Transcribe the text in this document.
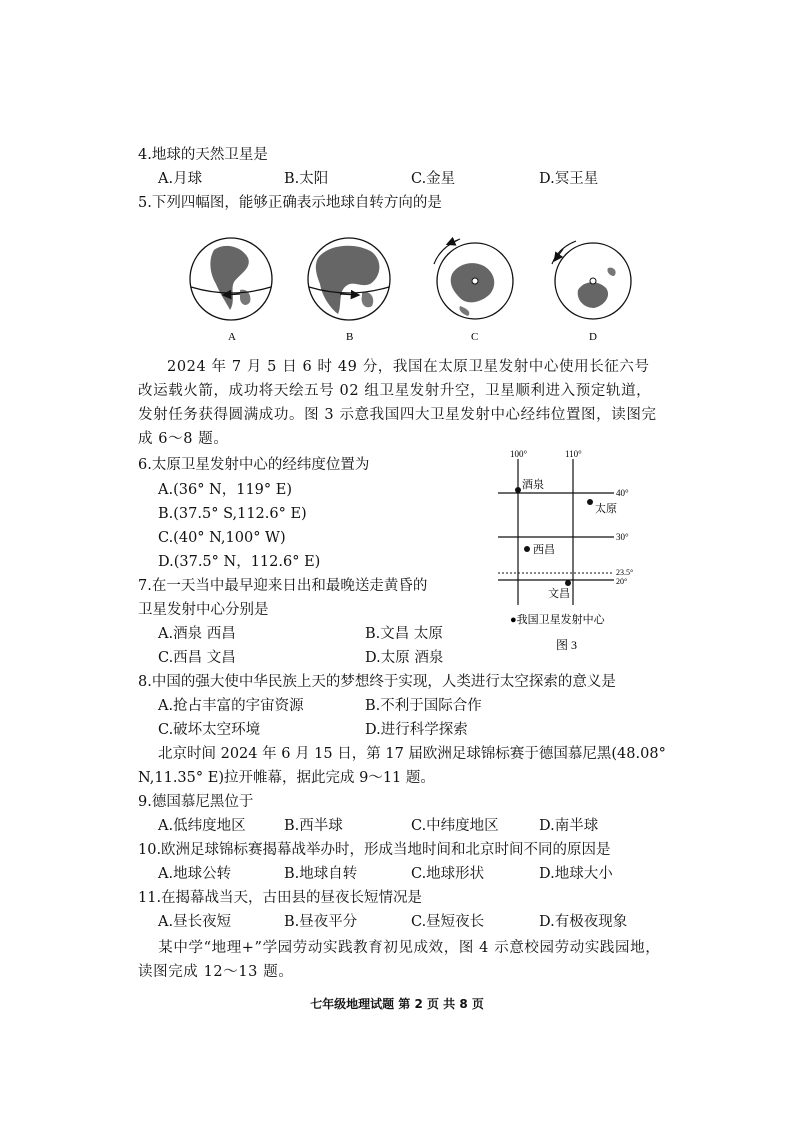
4.地球的天然卫星是
A.月球	B.太阳	C.金星	D.冥王星
5.下列四幅图，能够正确表示地球自转方向的是
A	B	C	D
2024 年 7 月 5 日 6 时 49 分，我国在太原卫星发射中心使用长征六号改运载火箭，成功将天绘五号 02 组卫星发射升空，卫星顺利进入预定轨道，发射任务获得圆满成功。图 3 示意我国四大卫星发射中心经纬位置图，读图完成 6～8 题。
6.太原卫星发射中心的经纬度位置为
A.(36° N，119° E)
B.(37.5° S,112.6° E)
C.(40° N,100° W)
D.(37.5° N，112.6° E)
100°	110°
40°
30°
23.5°
20°
酒泉
太原
西昌
文昌
●我国卫星发射中心
图 3
7.在一天当中最早迎来日出和最晚送走黄昏的
卫星发射中心分别是
A.酒泉 西昌	B.文昌 太原
C.西昌 文昌	D.太原 酒泉
8.中国的强大使中华民族上天的梦想终于实现，人类进行太空探索的意义是
A.抢占丰富的宇宙资源	B.不利于国际合作
C.破坏太空环境	D.进行科学探索
北京时间 2024 年 6 月 15 日，第 17 届欧洲足球锦标赛于德国慕尼黑(48.08°
N,11.35° E)拉开帷幕，据此完成 9～11 题。
9.德国慕尼黑位于
A.低纬度地区	B.西半球	C.中纬度地区	D.南半球
10.欧洲足球锦标赛揭幕战举办时，形成当地时间和北京时间不同的原因是
A.地球公转	B.地球自转	C.地球形状	D.地球大小
11.在揭幕战当天，古田县的昼夜长短情况是
A.昼长夜短	B.昼夜平分	C.昼短夜长	D.有极夜现象
某中学“地理+”学园劳动实践教育初见成效，图 4 示意校园劳动实践园地，读图完成 12～13 题。
七年级地理试题 第 2 页 共 8 页
